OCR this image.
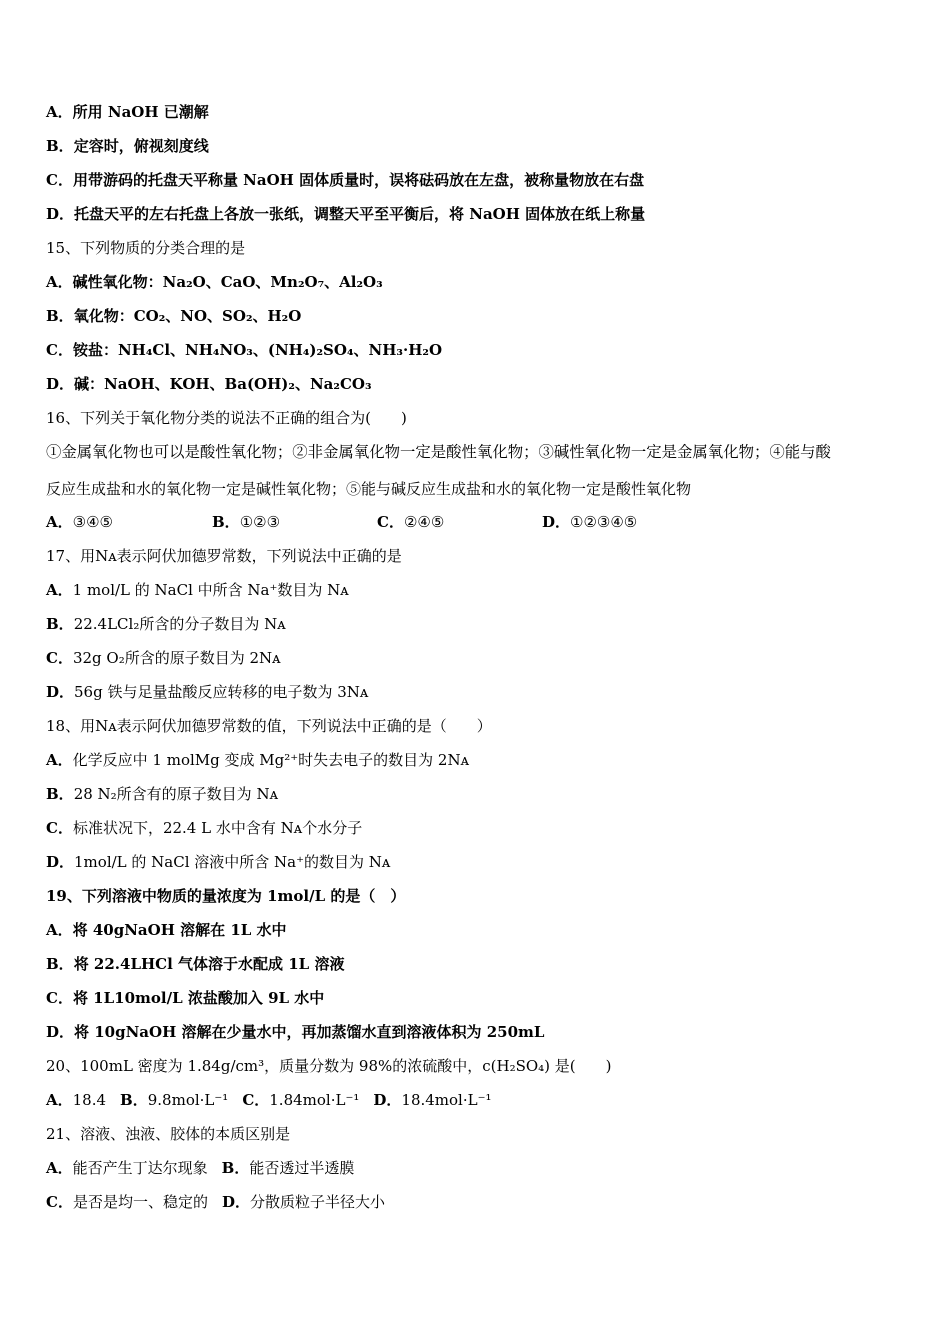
A．所用 NaOH 已潮解
B．定容时，俯视刻度线
C．用带游码的托盘天平称量 NaOH 固体质量时，误将砝码放在左盘，被称量物放在右盘
D．托盘天平的左右托盘上各放一张纸，调整天平至平衡后，将 NaOH 固体放在纸上称量
15、下列物质的分类合理的是
A．碱性氧化物：Na₂O、CaO、Mn₂O₇、Al₂O₃
B．氧化物：CO₂、NO、SO₂、H₂O
C．铵盐：NH₄Cl、NH₄NO₃、(NH₄)₂SO₄、NH₃·H₂O
D．碱：NaOH、KOH、Ba(OH)₂、Na₂CO₃
16、下列关于氧化物分类的说法不正确的组合为(　　)
①金属氧化物也可以是酸性氧化物；②非金属氧化物一定是酸性氧化物；③碱性氧化物一定是金属氧化物；④能与酸
反应生成盐和水的氧化物一定是碱性氧化物；⑤能与碱反应生成盐和水的氧化物一定是酸性氧化物
A．③④⑤	B．①②③	C．②④⑤	D．①②③④⑤
17、用Nᴀ表示阿伏加德罗常数，下列说法中正确的是
A．1 mol/L 的 NaCl 中所含 Na⁺数目为 Nᴀ
B．22.4LCl₂所含的分子数目为 Nᴀ
C．32g O₂所含的原子数目为 2Nᴀ
D．56g 铁与足量盐酸反应转移的电子数为 3Nᴀ
18、用Nᴀ表示阿伏加德罗常数的值，下列说法中正确的是（　　）
A．化学反应中 1 molMg 变成 Mg²⁺时失去电子的数目为 2Nᴀ
B．28 N₂所含有的原子数目为 Nᴀ
C．标准状况下，22.4 L 水中含有 Nᴀ个水分子
D．1mol/L 的 NaCl 溶液中所含 Na⁺的数目为 Nᴀ
19、下列溶液中物质的量浓度为 1mol/L 的是（　）
A．将 40gNaOH 溶解在 1L 水中
B．将 22.4LHCl 气体溶于水配成 1L 溶液
C．将 1L10mol/L 浓盐酸加入 9L 水中
D．将 10gNaOH 溶解在少量水中，再加蒸馏水直到溶液体积为 250mL
20、100mL 密度为 1.84g/cm³，质量分数为 98%的浓硫酸中，c(H₂SO₄) 是(　　)
A．18.4 B．9.8mol·L⁻¹ C．1.84mol·L⁻¹ D．18.4mol·L⁻¹
21、溶液、浊液、胶体的本质区别是
A．能否产生丁达尔现象 B．能否透过半透膜
C．是否是均一、稳定的 D．分散质粒子半径大小
